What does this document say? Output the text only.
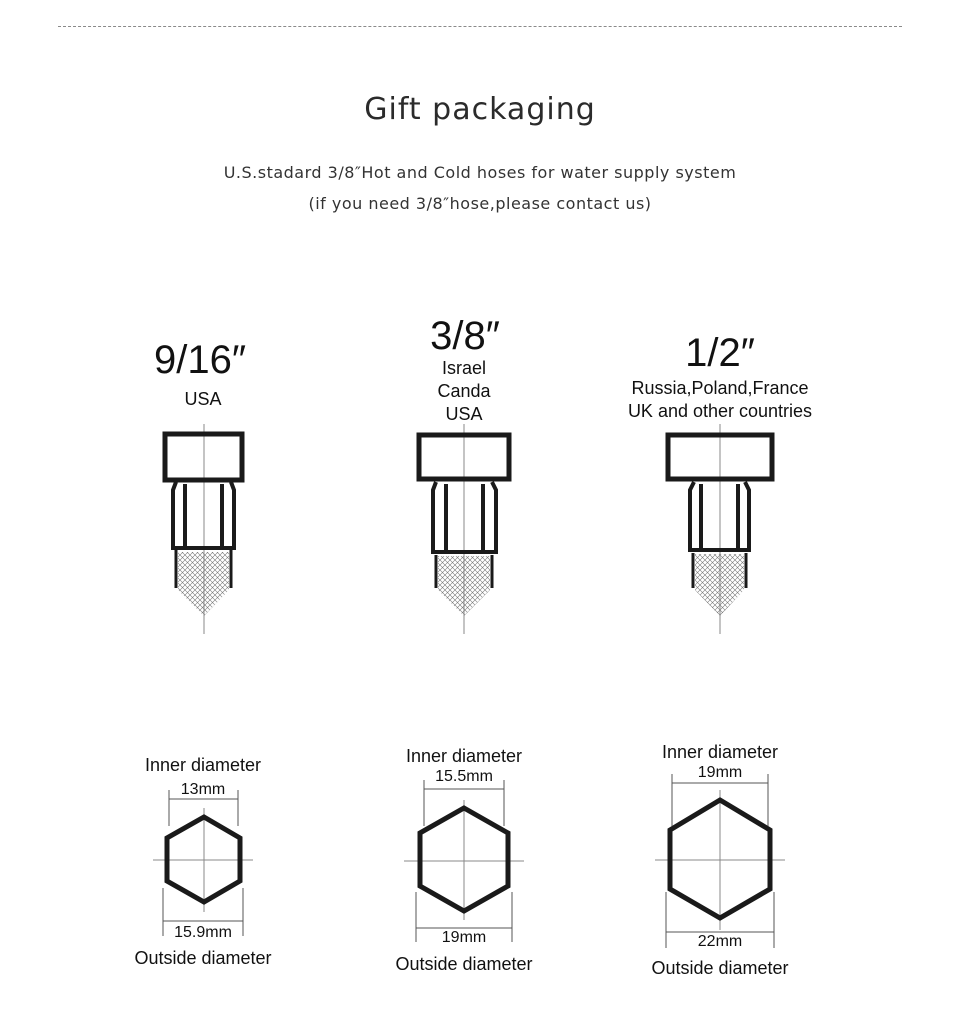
Gift packaging
U.S.stadard 3/8″Hot and Cold hoses for water supply system
(if you need 3/8″hose,please contact us)
9/16″
USA
3/8″
Israel
Canda
USA
1/2″
Russia,Poland,France
UK and other countries
Inner diameter
13mm
15.9mm
Outside diameter
Inner diameter
15.5mm
19mm
Outside diameter
Inner diameter
19mm
22mm
Outside diameter
